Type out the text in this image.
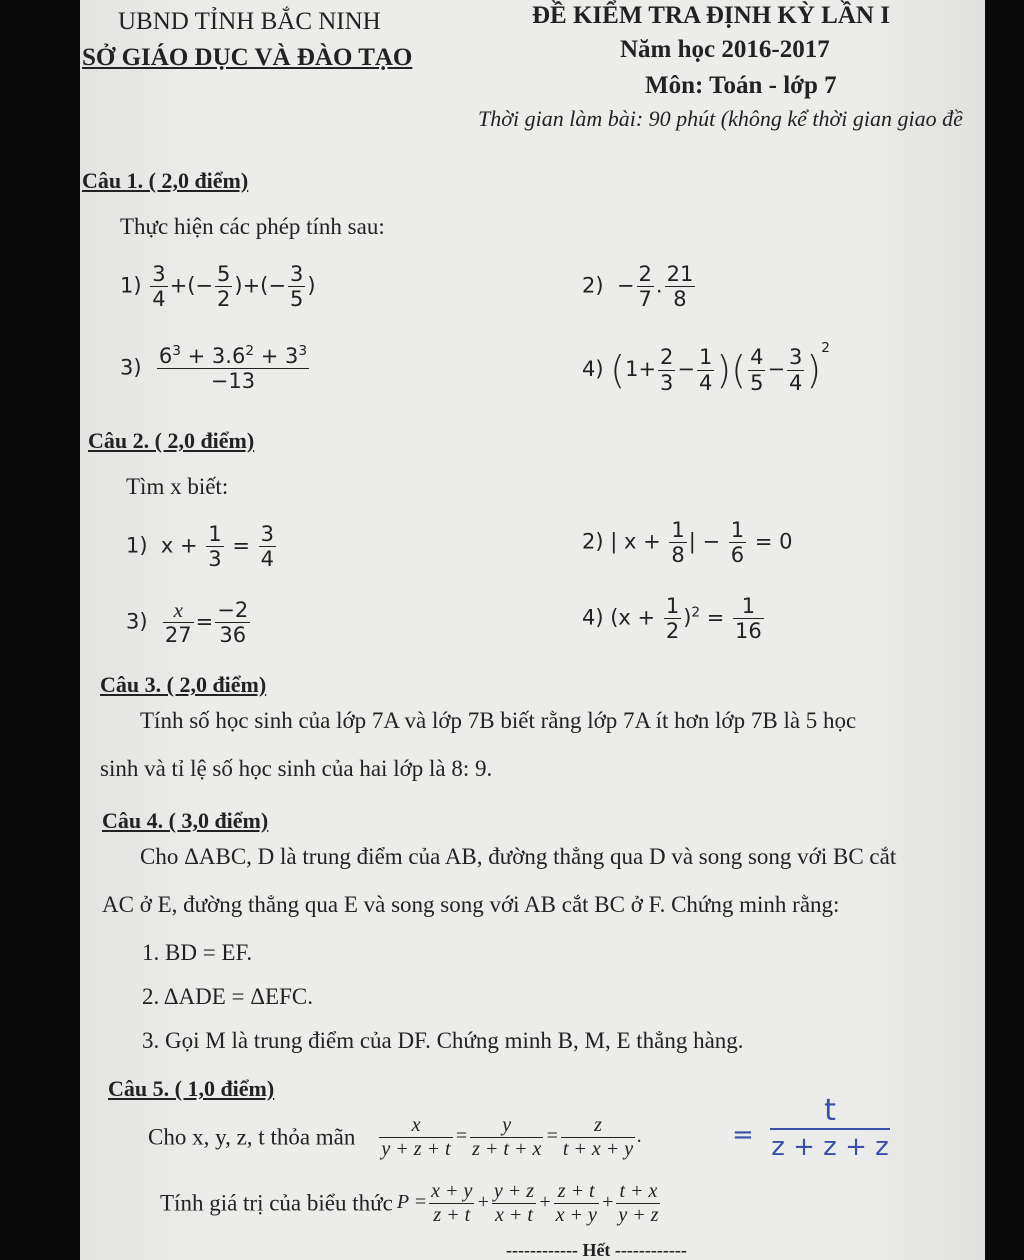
UBND TỈNH BẮC NINH
SỞ GIÁO DỤC VÀ ĐÀO TẠO
ĐỀ KIỂM TRA ĐỊNH KỲ LẦN I
Năm học 2016-2017
Môn: Toán - lớp 7
Thời gian làm bài: 90 phút (không kể thời gian giao đề
Câu 1. ( 2,0 điểm)
Thực hiện các phép tính sau:
$1) \frac{3}{4}$ +(− $\frac{5}{2}$ )+(− $\frac{3}{5}$ )	$2) - \frac{2}{7}$ . $\frac{21}{8}$
$3) \frac{6^3 + 3.6^2 + 3^3}{-13}$	4) ($1+ \frac{2}{3} - \frac{1}{4}$ )( $\frac{4}{5} - \frac{3}{4} )^2$
Câu 2. ( 2,0 điểm)
Tìm x biết:
1)  $x + \frac{1}{3} = \frac{3}{4}$	2) | $x + \frac{1}{8}$ | − $\frac{1}{6} = 0$
$3) \frac{x}{27} = \frac{-2}{36}$	4) $(x + \frac{1}{2} )^2 = \frac{1}{16}$
Câu 3. ( 2,0 điểm)
Tính số học sinh của lớp 7A và lớp 7B biết rằng lớp 7A ít hơn lớp 7B là 5 học
sinh và tỉ lệ số học sinh của hai lớp là 8: 9.
Câu 4. ( 3,0 điểm)
Cho ΔABC, D là trung điểm của AB, đường thẳng qua D và song song với BC cắt
AC ở E, đường thẳng qua E và song song với AB cắt BC ở F. Chứng minh rằng:
1. BD = EF.
2. ΔADE = ΔEFC.
3. Gọi M là trung điểm của DF. Chứng minh B, M, E thẳng hàng.
Câu 5. ( 1,0 điểm)
Cho x, y, z, t thỏa mãn $\frac{x}{y + z + t} = \frac{y}{z + t + x} = \frac{z}{t + x + y}$ .	=
t
z + z + z
Tính giá trị của biểu thức $P = \frac{x + y}{z + t} + \frac{y + z}{x + t} + \frac{z + t}{x + y} + \frac{t + x}{y + z}$
------------ Hết ------------
